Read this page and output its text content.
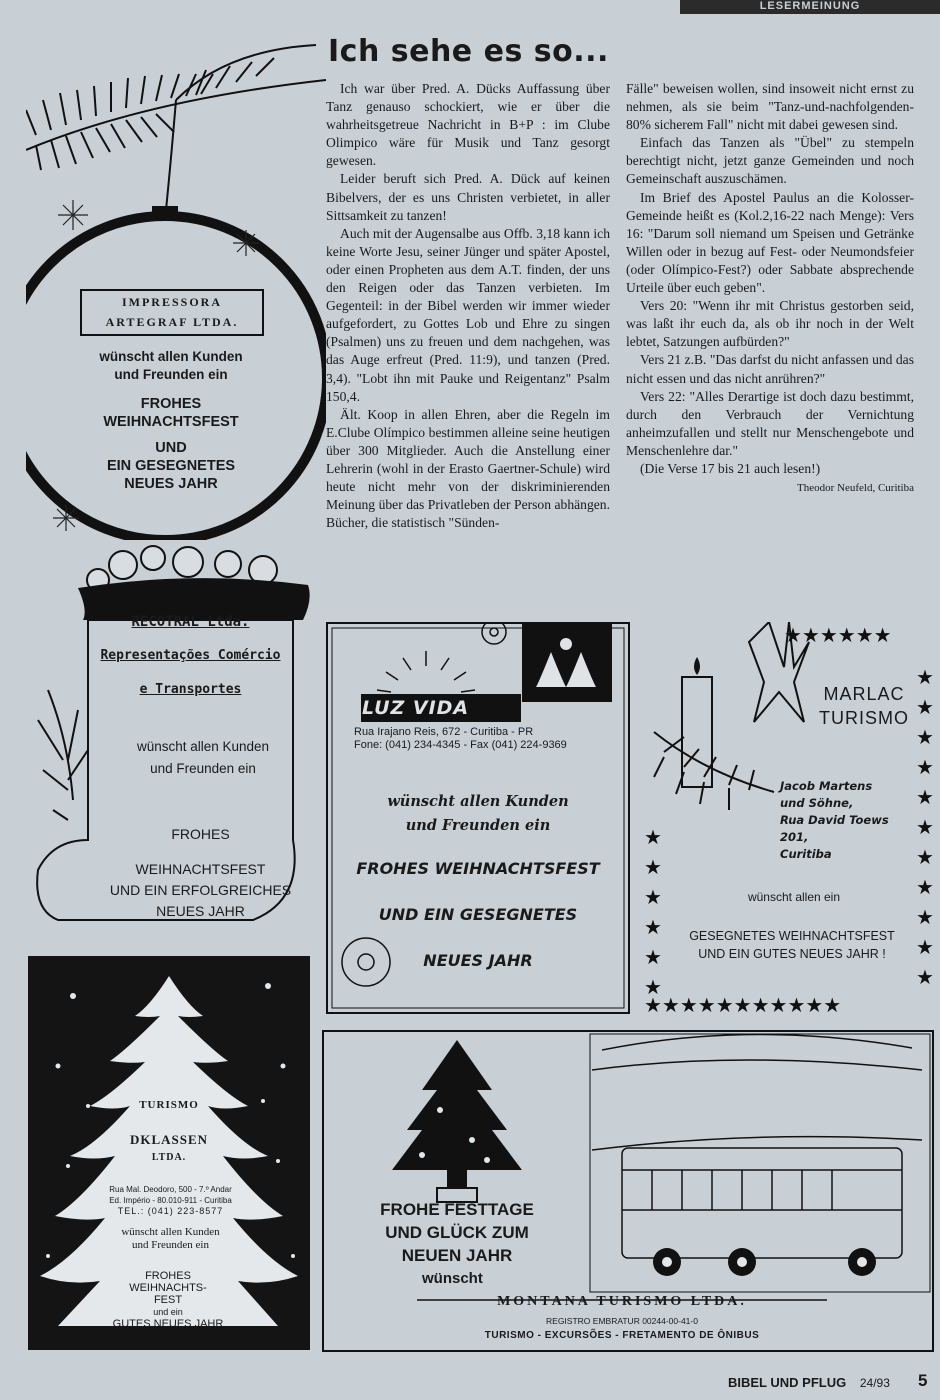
LESERMEINUNG
Ich sehe es so...

Ich war über Pred. A. Dücks Auffassung über Tanz genauso schockiert, wie er über die wahrheitsgetreue Nachricht in B+P : im Clube Olimpico wäre für Musik und Tanz gesorgt gewesen.

Leider beruft sich Pred. A. Dück auf keinen Bibelvers, der es uns Christen verbietet, in aller Sittsamkeit zu tanzen!

Auch mit der Augensalbe aus Offb. 3,18 kann ich keine Worte Jesu, seiner Jünger und später Apostel, oder einen Propheten aus dem A.T. finden, der uns den Reigen oder das Tanzen verbieten. Im Gegenteil: in der Bibel werden wir immer wieder aufgefordert, zu Gottes Lob und Ehre zu singen (Psalmen) uns zu freuen und dem nachgehen, was das Auge erfreut (Pred. 11:9), und tanzen (Pred. 3,4). "Lobt ihn mit Pauke und Reigentanz" Psalm 150,4.

Ält. Koop in allen Ehren, aber die Regeln im E.Clube Olímpico bestimmen alleine seine heutigen über 300 Mitglieder. Auch die Anstellung einer Lehrerin (wohl in der Erasto Gaertner-Schule) wird heute nicht mehr von der diskriminierenden Meinung über das Privatleben der Person abhängen. Bücher, die statistisch "Sünden-

Fälle" beweisen wollen, sind insoweit nicht ernst zu nehmen, als sie beim "Tanz-und-nachfolgenden-80% sicherem Fall" nicht mit dabei gewesen sind.

Einfach das Tanzen als "Übel" zu stempeln berechtigt nicht, jetzt ganze Gemeinden und noch Gemeinschaft auszuschämen.

Im Brief des Apostel Paulus an die Kolosser-Gemeinde heißt es (Kol.2,16-22 nach Menge): Vers 16: "Darum soll niemand um Speisen und Getränke Willen oder in bezug auf Fest- oder Neumondsfeier (oder Olímpico-Fest?) oder Sabbate absprechende Urteile über euch geben".

Vers 20: "Wenn ihr mit Christus gestorben seid, was laßt ihr euch da, als ob ihr noch in der Welt lebtet, Satzungen aufbürden?"

Vers 21 z.B. "Das darfst du nicht anfassen und das nicht essen und das nicht anrühren?"

Vers 22: "Alles Derartige ist doch dazu bestimmt, durch den Verbrauch der Vernichtung anheimzufallen und stellt nur Menschengebote und Menschenlehre dar."

(Die Verse 17 bis 21 auch lesen!)

Theodor Neufeld, Curitiba
IMPRESSORA
ARTEGRAF LTDA.
wünscht allen Kunden
und Freunden ein
FROHES
WEIHNACHTSFEST
UND
EIN GESEGNETES
NEUES JAHR
RECOTRAL Ltda.
Representações Comércio
e Transportes
wünscht allen Kunden
und Freunden ein
FROHES
WEIHNACHTSFEST
UND EIN ERFOLGREICHES
NEUES JAHR
TURISMO
DKLASSEN
LTDA.
Rua Mal. Deodoro, 500 - 7.º Andar
Ed. Império - 80.010-911 - Curitiba
TEL.: (041) 223-8577
wünscht allen Kunden
und Freunden ein
FROHES
WEIHNACHTS-
FEST
und ein
GUTES NEUES JAHR
LUZ VIDA
Rua Irajano Reis, 672 - Curitiba - PR
Fone: (041) 234-4345 - Fax (041) 224-9369
wünscht allen Kunden
und Freunden ein
FROHES WEIHNACHTSFEST
UND EIN GESEGNETES
NEUES JAHR
★★★★★★
★
★
★
★
★
★
★
★
★
★
★
★★★★★★★★★★★
★
★
★
★
★
★
MARLAC
TURISMO
Jacob Martens
und Söhne,
Rua David Toews 201,
Curitiba
wünscht allen ein
GESEGNETES WEIHNACHTSFEST
UND EIN GUTES NEUES JAHR !
FROHE FESTTAGE
UND GLÜCK ZUM
NEUEN JAHR
wünscht
MONTANA TURISMO LTDA.
REGISTRO EMBRATUR 00244-00-41-0
TURISMO - EXCURSÕES - FRETAMENTO DE ÔNIBUS
BIBEL UND PFLUG 24/93 5
